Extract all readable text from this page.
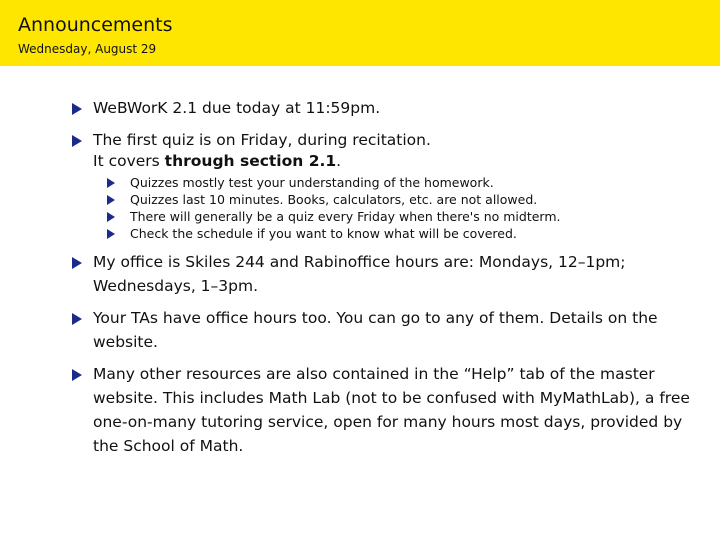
Announcements
Wednesday, August 29

WeBWorK 2.1 due today at 11:59pm.

The first quiz is on Friday, during recitation.
It covers through section 2.1.

Quizzes mostly test your understanding of the homework.
Quizzes last 10 minutes. Books, calculators, etc. are not allowed.
There will generally be a quiz every Friday when there's no midterm.
Check the schedule if you want to know what will be covered.

My office is Skiles 244 and Rabinoffice hours are: Mondays, 12–1pm; Wednesdays, 1–3pm.

Your TAs have office hours too. You can go to any of them. Details on the website.

Many other resources are also contained in the “Help” tab of the master website. This includes Math Lab (not to be confused with MyMathLab), a free one-on-many tutoring service, open for many hours most days, provided by the School of Math.
